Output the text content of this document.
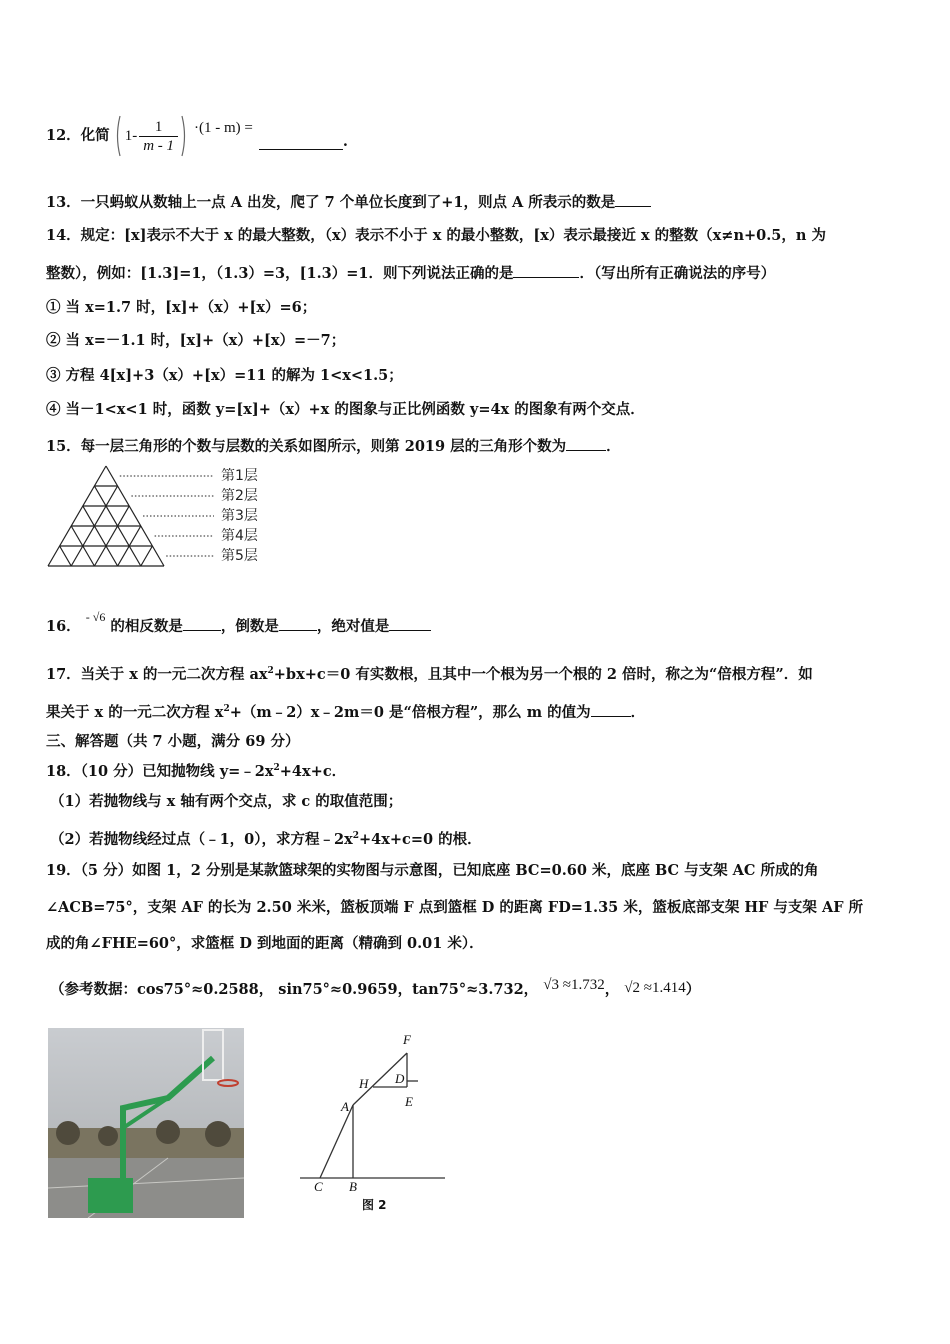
12．化简 $1- \frac{1}{m - 1} \cdot(1 - m)$ =
.
13．一只蚂蚁从数轴上一点 A 出发，爬了 7 个单位长度到了+1，则点 A 所表示的数是
14．规定：[x]表示不大于 x 的最大整数，（x）表示不小于 x 的最小整数，[x）表示最接近 x 的整数（x≠n+0.5，n 为
整数），例如：[1.3]=1，（1.3）=3，[1.3）=1．则下列说法正确的是	．（写出所有正确说法的序号）
① 当 x=1.7 时，[x]+（x）+[x）=6；
② 当 x=－1.1 时，[x]+（x）+[x）=－7；
③ 方程 4[x]+3（x）+[x）=11 的解为 1<x<1.5；
④ 当－1<x<1 时，函数 y=[x]+（x）+x 的图象与正比例函数 y=4x 的图象有两个交点．
15．每一层三角形的个数与层数的关系如图所示，则第 2019 层的三角形个数为	．
第1层
第2层
第3层
第4层
第5层
16． $^{- √6}$ 的相反数是	，倒数是	，绝对值是
17．当关于 x 的一元二次方程 $ax^2+bx+c=0$ 有实数根，且其中一个根为另一个根的 2 倍时，称之为“倍根方程”．如
果关于 x 的一元二次方程 $x^2+(m﹣2)x﹣2m=0$ 是“倍根方程”，那么 m 的值为	．
三、解答题（共 7 小题，满分 69 分）
18．（10 分）已知抛物线 $y=﹣2x^2+4x+c$．
（1）若抛物线与 x 轴有两个交点，求 c 的取值范围；
（2）若抛物线经过点（﹣1，0），求方程$﹣2x^2+4x+c=0$ 的根．
19．（5 分）如图 1，2 分别是某款篮球架的实物图与示意图，已知底座 BC=0.60 米，底座 BC 与支架 AC 所成的角
∠ACB=75°，支架 AF 的长为 2.50 米米，篮板顶端 F 点到篮框 D 的距离 FD=1.35 米，篮板底部支架 HF 与支架 AF 所
成的角∠FHE=60°，求篮框 D 到地面的距离（精确到 0.01 米）．
（参考数据：cos75°≈0.2588， sin75°≈0.9659，tan75°≈3.732， √3 ≈1.732， √2 ≈1.414）
F
H D
A	E
C B
图 2
